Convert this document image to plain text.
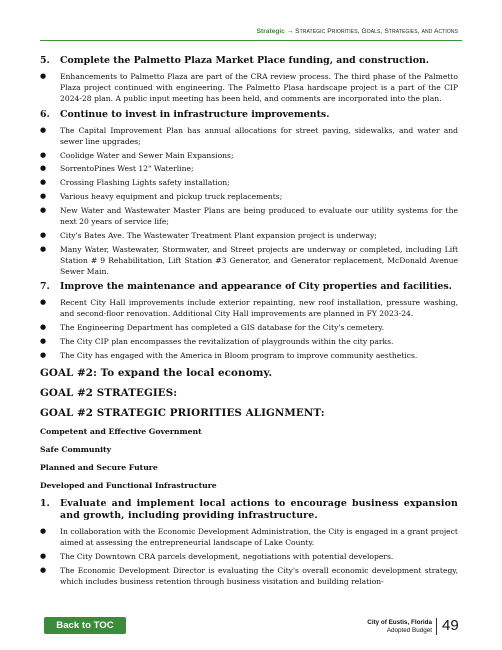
Strategic → Strategic Priorities, Goals, Strategies, and Actions
5.	Complete the Palmetto Plaza Market Place funding, and construction.
●	Enhancements to Palmetto Plaza are part of the CRA review process. The third phase of the Palmetto Plaza project continued with engineering. The Palmetto Plasa hardscape project is a part of the CIP 2024-28 plan. A public input meeting has been held, and comments are incorporated into the plan.
6.	Continue to invest in infrastructure improvements.
●	The Capital Improvement Plan has annual allocations for street paving, sidewalks, and water and sewer line upgrades;
●	Coolidge Water and Sewer Main Expansions;
●	SorrentoPines West 12" Waterline;
●	Crossing Flashing Lights safety installation;
●	Various heavy equipment and pickup truck replacements;
●	New Water and Wastewater Master Plans are being produced to evaluate our utility systems for the next 20 years of service life;
●	City's Bates Ave. The Wastewater Treatment Plant expansion project is underway;
●	Many Water, Wastewater, Stormwater, and Street projects are underway or completed, including Lift Station # 9 Rehabilitation, Lift Station #3 Generator, and Generator replacement, McDonald Avenue Sewer Main.
7.	Improve the maintenance and appearance of City properties and facilities.
●	Recent City Hall improvements include exterior repainting, new roof installation, pressure washing, and second-floor renovation. Additional City Hall improvements are planned in FY 2023-24.
●	The Engineering Department has completed a GIS database for the City's cemetery.
●	The City CIP plan encompasses the revitalization of playgrounds within the city parks.
●	The City has engaged with the America in Bloom program to improve community aesthetics.
GOAL #2: To expand the local economy.
GOAL #2 STRATEGIES:
GOAL #2 STRATEGIC PRIORITIES ALIGNMENT:
Competent and Effective Government
Safe Community
Planned and Secure Future
Developed and Functional Infrastructure
1.	Evaluate and implement local actions to encourage business expansion and growth, including providing infrastructure.
●	In collaboration with the Economic Development Administration, the City is engaged in a grant project aimed at assessing the entrepreneurial landscape of Lake County.
●	The City Downtown CRA parcels development, negotiations with potential developers.
●	The Economic Development Director is evaluating the City's overall economic development strategy, which includes business retention through business visitation and building relation-
Back to TOC	City of Eustis, Florida
Adopted Budget 49
